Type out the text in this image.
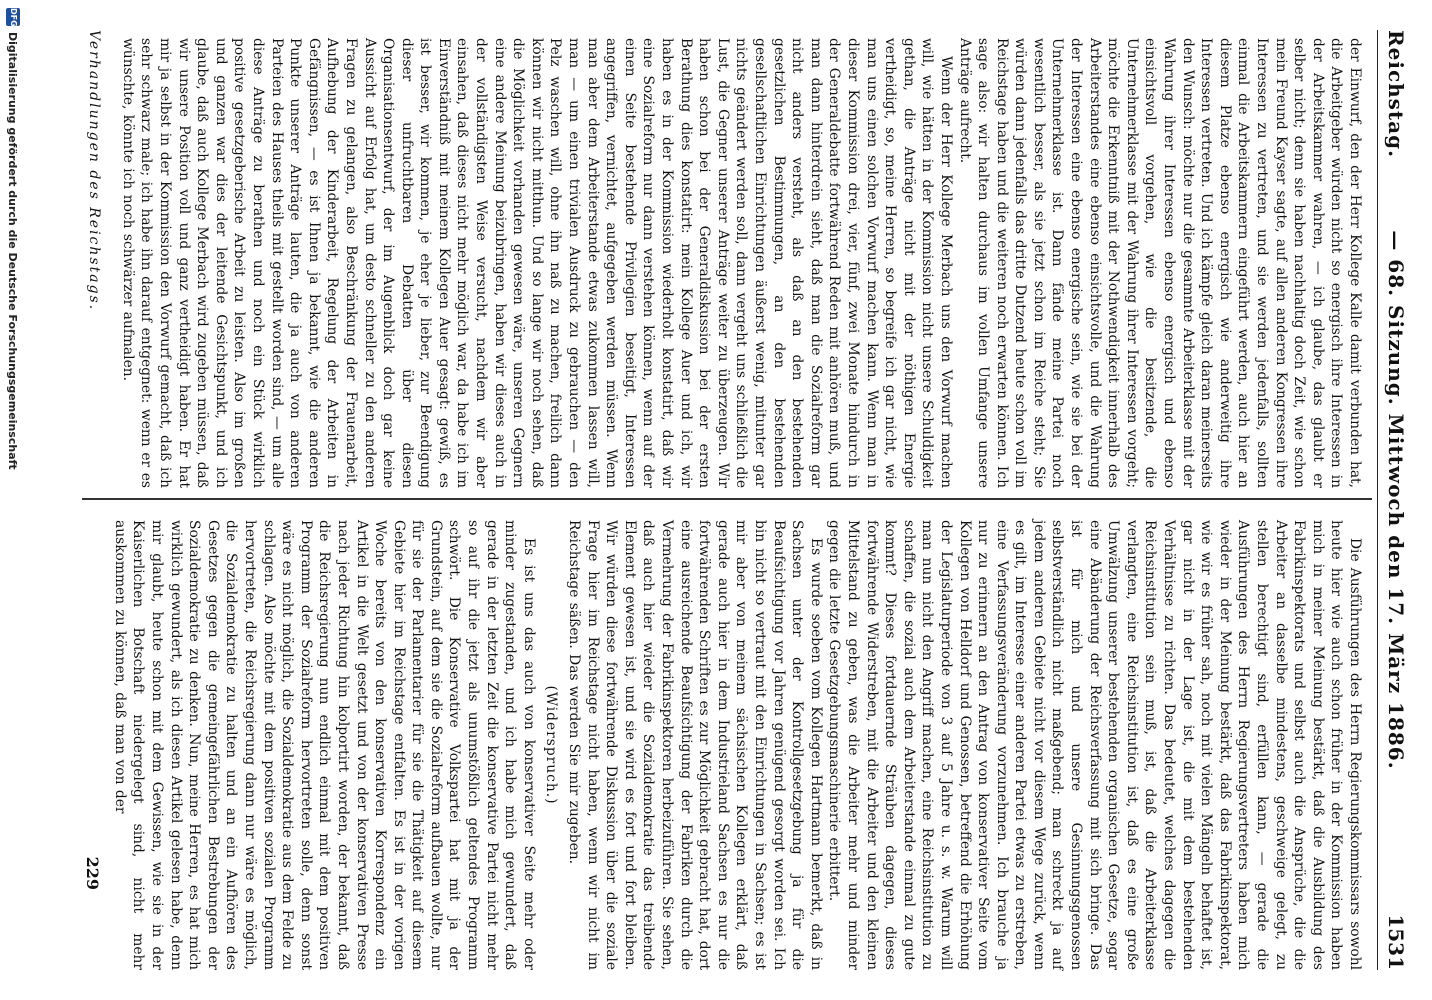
Reichstag.
— 68. Sitzung. Mittwoch den 17. März 1886.
1531

der Einwurf, den der Herr Kollege Kalle damit verbunden hat, die Arbeitgeber würden nicht so energisch ihre Interessen in der Arbeitskammer wahren, — ich glaube, das glaubt er selber nicht; denn sie haben nachhaltig doch Zeit, wie schon mein Freund Kayser sagte, auf allen anderen Kongressen ihre Interessen zu vertreten, und sie werden jedenfalls, sollten einmal die Arbeitskammern eingeführt werden, auch hier an diesem Platze ebenso energisch wie anderweitig ihre Interessen vertreten. Und ich kämpfe gleich daran meinerseits den Wunsch: möchte nur die gesammte Arbeiterklasse mit der Wahrung ihrer Interessen ebenso energisch und ebenso einsichtsvoll vorgehen, wie die besitzende, die Unternehmerklasse mit der Wahrung ihrer Interessen vorgeht; möchte die Erkenntniß mit der Nothwendigkeit innerhalb des Arbeiterstandes eine ebenso einsichtsvolle, und die Wahrung der Interessen eine ebenso energische sein, wie sie bei der Unternehmerklasse ist. Dann fände meine Partei noch wesentlich besser, als sie jetzt schon im Reiche steht; Sie würden dann jedenfalls das dritte Dutzend heute schon voll im Reichstage haben und die weiteren noch erwarten können. Ich sage also: wir halten durchaus im vollen Umfange unsere Anträge aufrecht.

Wenn der Herr Kollege Merbach uns den Vorwurf machen will, wie hätten in der Kommission nicht unsere Schuldigkeit gethan, die Anträge nicht mit der nöthigen Energie vertheidigt, so, meine Herren, so begreife ich gar nicht, wie man uns einen solchen Vorwurf machen kann. Wenn man in dieser Kommission drei, vier, fünf, zwei Monate hindurch in der Generaldebatte fortwährend Reden mit anhören muß, und man dann hinterdrein sieht, daß man die Sozialreform gar nicht anders versteht, als daß an den bestehenden gesetzlichen Bestimmungen, an den bestehenden gesellschaftlichen Einrichtungen äußerst wenig, mitunter gar nichts geändert werden soll, dann vergeht uns schließlich die Lust, die Gegner unserer Anträge weiter zu überzeugen. Wir haben schon bei der Generaldiskussion bei der ersten Berathung dies konstatirt: mein Kollege Auer und ich, wir haben es in der Kommission wiederholt konstatirt, daß wir eine Sozialreform nur dann verstehen können, wenn auf der einen Seite bestehende Privilegien beseitigt, Interessen angegriffen, vernichtet, aufgegeben werden müssen. Wenn man aber dem Arbeiterstande etwas zukommen lassen will, man — um einen trivialen Ausdruck zu gebrauchen — den Pelz waschen will, ohne ihn naß zu machen, freilich dann können wir nicht mitthun. Und so lange wir noch sehen, daß die Möglichkeit vorhanden gewesen wäre, unseren Gegnern eine andere Meinung beizubringen, haben wir dieses auch in der vollständigsten Weise versucht, nachdem wir aber einsahen, daß dieses nicht mehr möglich war, da habe ich im Einverständniß mit meinem Kollegen Auer gesagt: gewiß, es ist besser, wir kommen, je eher je lieber, zur Beendigung dieser unfruchtbaren Debatten über diesen Organisationsentwurf, der im Augenblick doch gar keine Aussicht auf Erfolg hat, um desto schneller zu den anderen Fragen zu gelangen, also Beschränkung der Frauenarbeit, Aufhebung der Kinderarbeit, Regelung der Arbeiten in Gefängnissen, — es ist Ihnen ja bekannt, wie die anderen Punkte unserer Anträge lauten, die ja auch von anderen Parteien des Hauses theils mit gestellt worden sind, — um alle diese Anträge zu berathen und noch ein Stück wirklich positive gesetzgeberische Arbeit zu leisten. Also im großen und ganzen war dies der leitende Gesichtspunkt, und ich glaube, daß auch Kollege Merbach wird zugeben müssen, daß wir unsere Position voll und ganz vertheidigt haben. Er hat mir ja selbst in der Kommission den Vorwurf gemacht, daß ich sehr schwarz male; ich habe ihn darauf entgegnet: wenn er es wünschte, könnte ich noch schwärzer aufmalen.

Die Ausführungen des Herrn Regierungskommissars sowohl heute hier wie auch schon früher in der Kommission haben mich in meiner Meinung bestärkt, daß die Ausbildung des Fabrikinspektorats und selbst auch die Ansprüche, die die Arbeiter an dasselbe mindestens, geschweige gelegt, zu stellen berechtigt sind, erfüllen kann, — gerade die Ausführungen des Herrn Regierungsvertreters haben mich wieder in der Meinung bestärkt, daß das Fabrikinspektorat, wie wir es früher sah, noch mit vielen Mängeln behaftet ist, gar nicht in der Lage ist, die mit dem bestehenden Verhältnisse zu richten. Das bedeutet, welches dagegen die Reichsinstitution sein muß, ist, daß die Arbeiterklasse verlangten, eine Reichsinstitution ist, daß es eine große Umwälzung unserer bestehenden organischen Gesetze, sogar eine Abänderung der Reichsverfassung mit sich bringe. Das ist für mich und unsere Gesinnungsgenossen selbstverständlich nicht maßgebend; man schreckt ja auf jedem anderen Gebiete nicht vor diesem Wege zurück, wenn es gilt, im Interesse einer anderen Partei etwas zu erstreben, eine Verfassungsveränderung vorzunehmen. Ich brauche ja nur zu erinnern an den Antrag von konservativer Seite vom Kollegen von Helldorf und Genossen, betreffend die Erhöhung der Legislaturperiode von 3 auf 5 Jahre u. s. w. Warum will man nun nicht den Angriff machen, eine Reichsinstitution zu schaffen, die sozial auch dem Arbeiterstande einmal zu gute kommt? Dieses fortdauernde Sträuben dagegen, dieses fortwährende Widerstreben, mit die Arbeiter und den kleinen Mittelstand zu geben, was die Arbeiter mehr und minder gegen die letzte Gesetzgebungsmaschinerie erbittert.

Es wurde soeben vom Kollegen Hartmann bemerkt, daß in Sachsen unter der Kontrollgesetzgebung ja für die Beaufsichtigung vor Jahren genügend gesorgt worden sei. Ich bin nicht so vertraut mit den Einrichtungen in Sachsen; es ist mir aber von meinem sächsischen Kollegen erklärt, daß gerade auch hier in dem Industrieland Sachsen es nur die fortwährenden Schriften es zur Möglichkeit gebracht hat, dort eine ausreichende Beaufsichtigung der Fabriken durch die Vermehrung der Fabrikinspektoren herbeizuführen. Sie sehen, daß auch hier wieder die Sozialdemokratie das treibende Element gewesen ist, und sie wird es fort und fort bleiben. Wir würden diese fortwährende Diskussion über die soziale Frage hier im Reichstage nicht haben, wenn wir nicht im Reichstage säßen. Das werden Sie mir zugeben.

(Widerspruch.)

Es ist uns das auch von konservativer Seite mehr oder minder zugestanden, und ich habe mich gewundert, daß gerade in der letzten Zeit die konservative Partei nicht mehr so auf ihr die jetzt als unumstößlich geltendes Programm schwört. Die Konservative Volkspartei hat mit ja der Grundstein, auf dem sie die Sozialreform aufbauen wollte, nur für sie der Parlamentarier für sie die Thätigkeit auf diesem Gebiete hier im Reichstage entfalten. Es ist in der vorigen Woche bereits von den konservativen Korrespondenz ein Artikel in die Welt gesetzt und von der konservativen Presse nach jeder Richtung hin kolportirt worden, der bekannt, daß die Reichsregierung nun endlich einmal mit dem positiven Programm der Sozialreform hervortreten solle, denn sonst wäre es nicht möglich, die Sozialdemokratie aus dem Felde zu schlagen. Also möchte mit dem positiven sozialen Programm hervortreten, die Reichsregierung dann nur wäre es möglich, die Sozialdemokratie zu halten und an ein Aufhören des Gesetzes gegen die gemeingefährlichen Bestrebungen der Sozialdemokratie zu denken. Nun, meine Herren, es hat mich wirklich gewundert, als ich diesen Artikel gelesen habe, denn mir glaubt, heute schon mit dem Gewissen, wie sie in der Kaiserlichen Botschaft niedergelegt sind, nicht mehr auskommen zu können, daß man von der

Verhandlungen des Reichstags.
229
DFG
Digitalisierung gefördert durch die Deutsche Forschungsgemeinschaft
